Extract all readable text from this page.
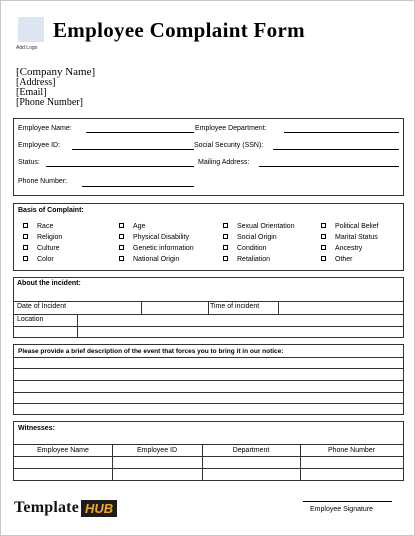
Add Logo
Employee Complaint Form
[Company Name]
[Address]
[Email]
[Phone Number]
Employee Name:	Employee Department:
Employee ID:	Social Security (SSN):
Status:	Mailing Address:
Phone Number:
Basis of Complaint:
Race
Religion
Culture
Color
Age
Physical Disability
Genetic information
National Origin
Sexual Orientation
Social Origin
Condition
Retaliation
Political Belief
Marital Status
Ancestry
Other
About the incident:
Date of Incident	Time of incident
Location
Please provide a brief description of the event that forces you to bring it in our notice:
Witnesses:
Employee Name	Employee ID	Department	Phone Number
Template HUB	Employee Signature
